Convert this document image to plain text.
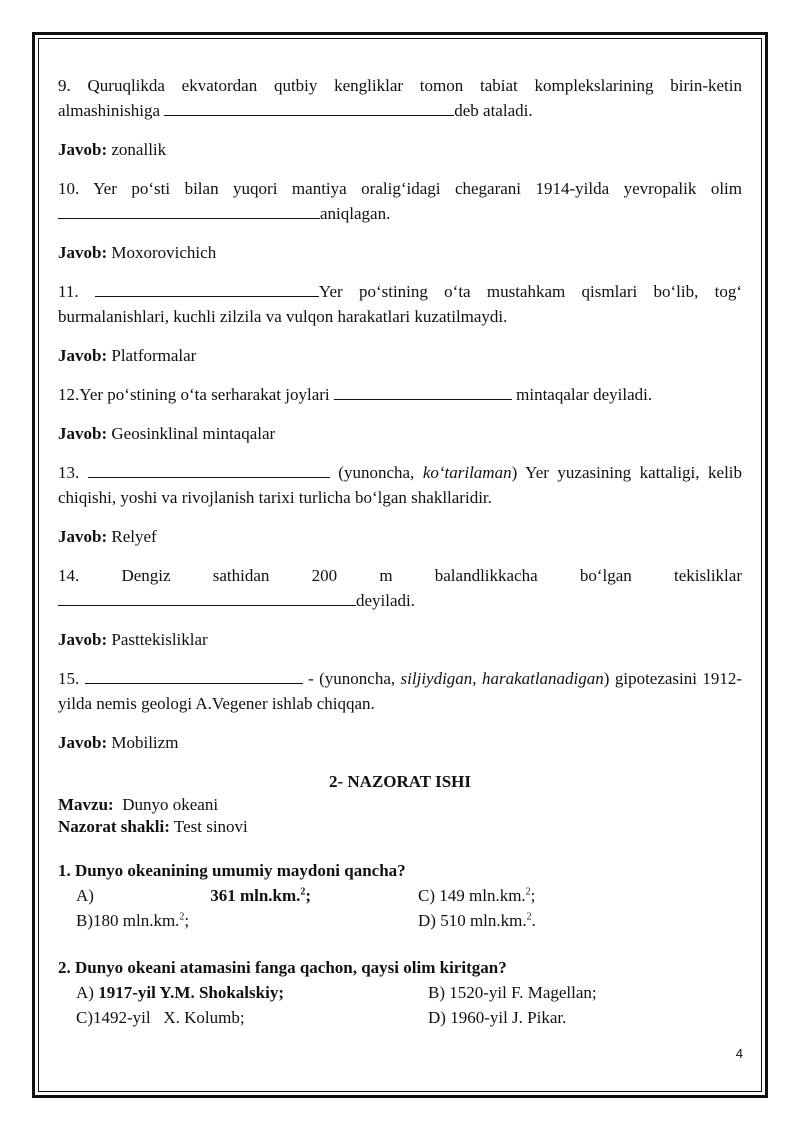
9. Quruqlikda ekvatordan qutbiy kengliklar tomon tabiat komplekslarining birin-ketin almashinishiga	deb ataladi.

Javob: zonallik

10. Yer po‘sti bilan yuqori mantiya oralig‘idagi chegarani 1914-yilda yevropalik olim aniqlagan.

Javob: Moxorovichich

11.	Yer po‘stining o‘ta mustahkam qismlari bo‘lib, tog‘ burmalanishlari, kuchli zilzila va vulqon harakatlari kuzatilmaydi.

Javob: Platformalar

12.Yer po‘stining o‘ta serharakat joylari	mintaqalar deyiladi.

Javob: Geosinklinal mintaqalar

13.	(yunoncha, ko‘tarilaman) Yer yuzasining kattaligi, kelib chiqishi, yoshi va rivojlanish tarixi turlicha bo‘lgan shakllaridir.

Javob: Relyef

14. Dengiz sathidan 200 m balandlikkacha bo‘lgan tekisliklar

deyiladi.

Javob: Pasttekisliklar

15.	- (yunoncha, siljiydigan, harakatlanadigan) gipotezasini 1912-yilda nemis geologi A.Vegener ishlab chiqqan.

Javob: Mobilizm

2- NAZORAT ISHI

Mavzu: Dunyo okeani

Nazorat shakli: Test sinovi

1. Dunyo okeanining umumiy maydoni qancha?

A)	361 mln.km.$^2$;	C) 149 mln.km.$^2$;
B)180 mln.km.$^2$;	D) 510 mln.km.$^2$.

2. Dunyo okeani atamasini fanga qachon, qaysi olim kiritgan?

A) 1917-yil Y.M. Shokalskiy;	B) 1520-yil F. Magellan;
C)1492-yil   X. Kolumb;	D) 1960-yil J. Pikar.
4
